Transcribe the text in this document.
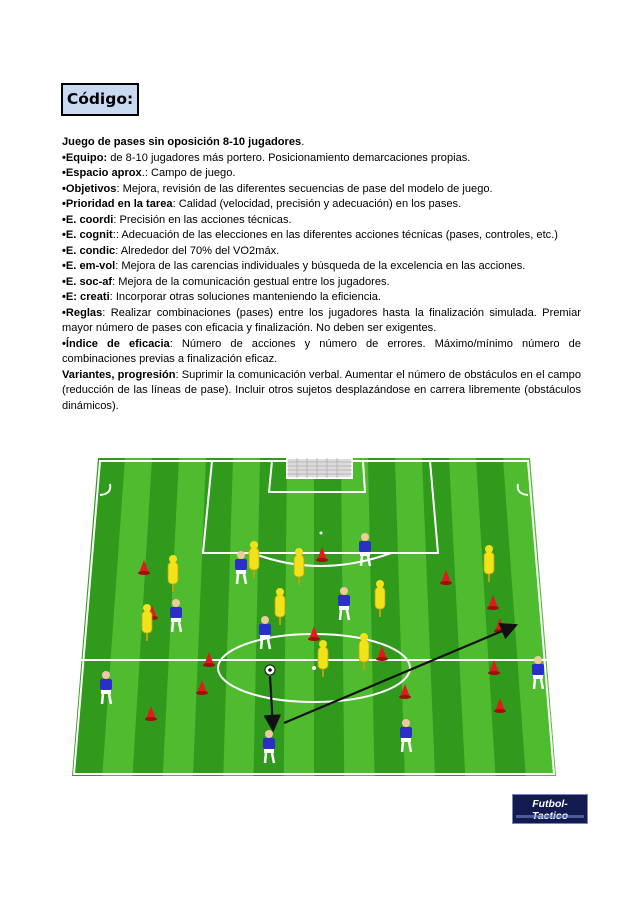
Código:

Juego de pases sin oposición 8-10 jugadores.

•Equipo: de 8-10 jugadores más portero. Posicionamiento demarcaciones propias.

•Espacio aprox.: Campo de juego.

•Objetivos: Mejora, revisión de las diferentes secuencias de pase del modelo de juego.

•Prioridad en la tarea: Calidad (velocidad, precisión y adecuación) en los pases.

•E. coordi: Precisión en las acciones técnicas.

•E. cognit:: Adecuación de las elecciones en las diferentes acciones técnicas (pases, controles, etc.)

•E. condic: Alrededor del 70% del VO2máx.

•E. em-vol: Mejora de las carencias individuales y búsqueda de la excelencia en las acciones.

•E. soc-af: Mejora de la comunicación gestual entre los jugadores.

•E: creati: Incorporar otras soluciones manteniendo la eficiencia.

•Reglas: Realizar combinaciones (pases) entre los jugadores hasta la finalización simulada. Premiar mayor número de pases con eficacia y finalización. No deben ser exigentes.

•Índice de eficacia: Número de acciones y número de errores. Máximo/mínimo número de combinaciones previas a finalización eficaz.

Variantes, progresión: Suprimir la comunicación verbal. Aumentar el número de obstáculos en el campo (reducción de las líneas de pase). Incluir otros sujetos desplazándose en carrera libremente (obstáculos dinámicos).

Futbol-
